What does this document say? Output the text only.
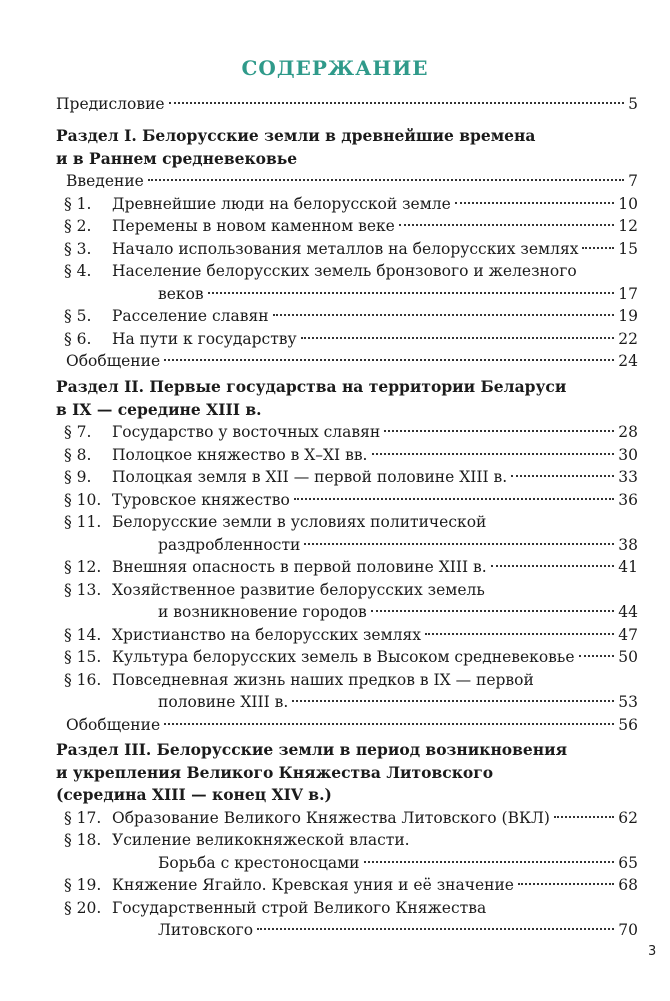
СОДЕРЖАНИЕ
Предисловие	5
Раздел I. Белорусские земли в древнейшие времена
и в Раннем средневековье
Введение	7
§ 1. Древнейшие люди на белорусской земле	10
§ 2. Перемены в новом каменном веке	12
§ 3. Начало использования металлов на белорусских землях	15
§ 4. Население белорусских земель бронзового и железного
веков	17
§ 5. Расселение славян	19
§ 6. На пути к государству	22
Обобщение	24
Раздел II. Первые государства на территории Беларуси
в IX — середине XIII в.
§ 7. Государство у восточных славян	28
§ 8. Полоцкое княжество в X–XI вв.	30
§ 9. Полоцкая земля в XII — первой половине XIII в.	33
§ 10. Туровское княжество	36
§ 11. Белорусские земли в условиях политической
раздробленности	38
§ 12. Внешняя опасность в первой половине XIII в.	41
§ 13. Хозяйственное развитие белорусских земель
и возникновение городов	44
§ 14. Христианство на белорусских землях	47
§ 15. Культура белорусских земель в Высоком средневековье	50
§ 16. Повседневная жизнь наших предков в IX — первой
половине XIII в.	53
Обобщение	56
Раздел III. Белорусские земли в период возникновения
и укрепления Великого Княжества Литовского
(середина XIII — конец XIV в.)
§ 17. Образование Великого Княжества Литовского (ВКЛ)	62
§ 18. Усиление великокняжеской власти.
Борьба с крестоносцами	65
§ 19. Княжение Ягайло. Кревская уния и её значение	68
§ 20. Государственный строй Великого Княжества
Литовского	70
3
